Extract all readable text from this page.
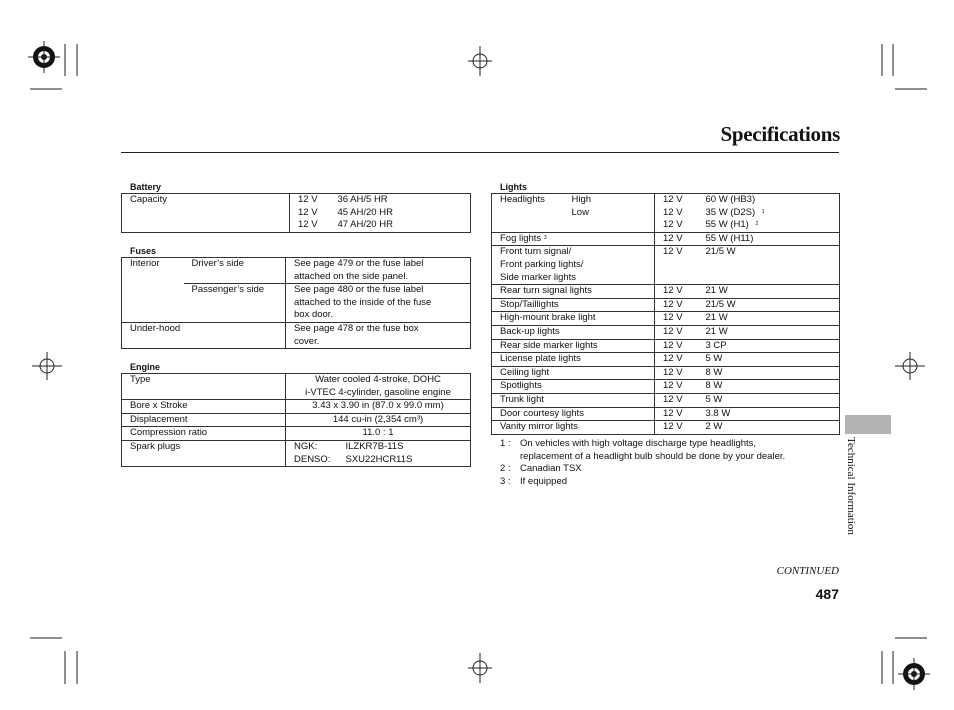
Specifications
Battery
Capacity	12 V	36 AH/5 HR
	12 V	45 AH/20 HR
	12 V	47 AH/20 HR
Fuses
Interior	Driver’s side	See page 479 or the fuse label
		attached on the side panel.
	Passenger’s side	See page 480 or the fuse label
		attached to the inside of the fuse
		box door.
Under-hood		See page 478 or the fuse box
		cover.
Engine
Type	Water cooled 4-stroke, DOHC	
	i-VTEC 4-cylinder, gasoline engine	
Bore x Stroke	3.43 x 3.90 in (87.0 x 99.0 mm)	
Displacement	144 cu-in (2,354 cm³)	
Compression ratio	11.0 : 1	
Spark plugs	NGK:	ILZKR7B-11S
	DENSO:	SXU22HCR11S
Lights
Headlights	High	12 V	60 W (HB3)
	Low	12 V	35 W (D2S) $^1$
		12 V	55 W (H1) $^2$
Fog lights $^3$		12 V	55 W (H11)
Front turn signal/		12 V	21/5 W
Front parking lights/			
Side marker lights			
Rear turn signal lights		12 V	21 W
Stop/Taillights		12 V	21/5 W
High-mount brake light		12 V	21 W
Back-up lights		12 V	21 W
Rear side marker lights		12 V	3 CP
License plate lights		12 V	5 W
Ceiling light		12 V	8 W
Spotlights		12 V	8 W
Trunk light		12 V	5 W
Door courtesy lights		12 V	3.8 W
Vanity mirror lights		12 V	2 W
1 : On vehicles with high voltage discharge type headlights,
replacement of a headlight bulb should be done by your dealer.
2 : Canadian TSX
3 : If equipped	Technical Information
CONTINUED
487
